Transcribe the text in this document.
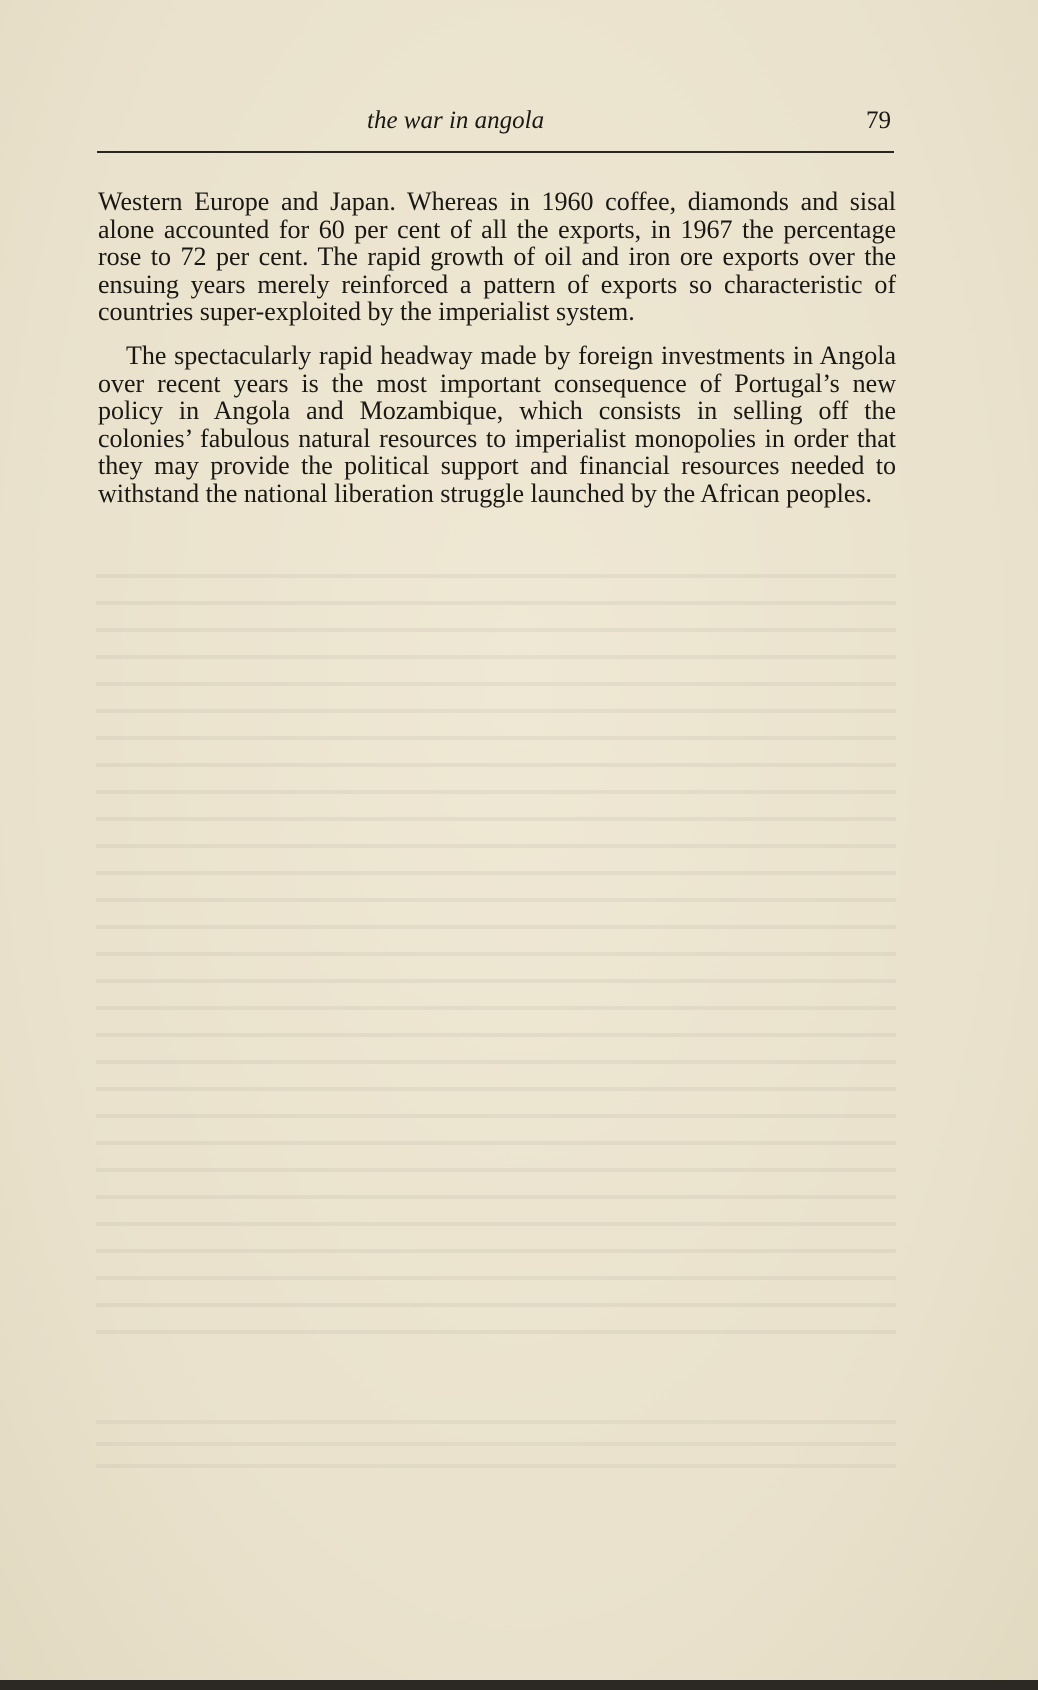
the war in angola	79

Western Europe and Japan. Whereas in 1960 coffee, diamonds and sisal alone accounted for 60 per cent of all the exports, in 1967 the percentage rose to 72 per cent. The rapid growth of oil and iron ore exports over the ensuing years merely reinforced a pattern of exports so characteristic of countries super-exploited by the imperialist system.

The spectacularly rapid headway made by foreign investments in Angola over recent years is the most important consequence of Portugal’s new policy in Angola and Mozambique, which consists in selling off the colonies’ fabulous natural resources to imperialist monopolies in order that they may provide the political support and financial resources needed to withstand the national liberation struggle launched by the African peoples.
